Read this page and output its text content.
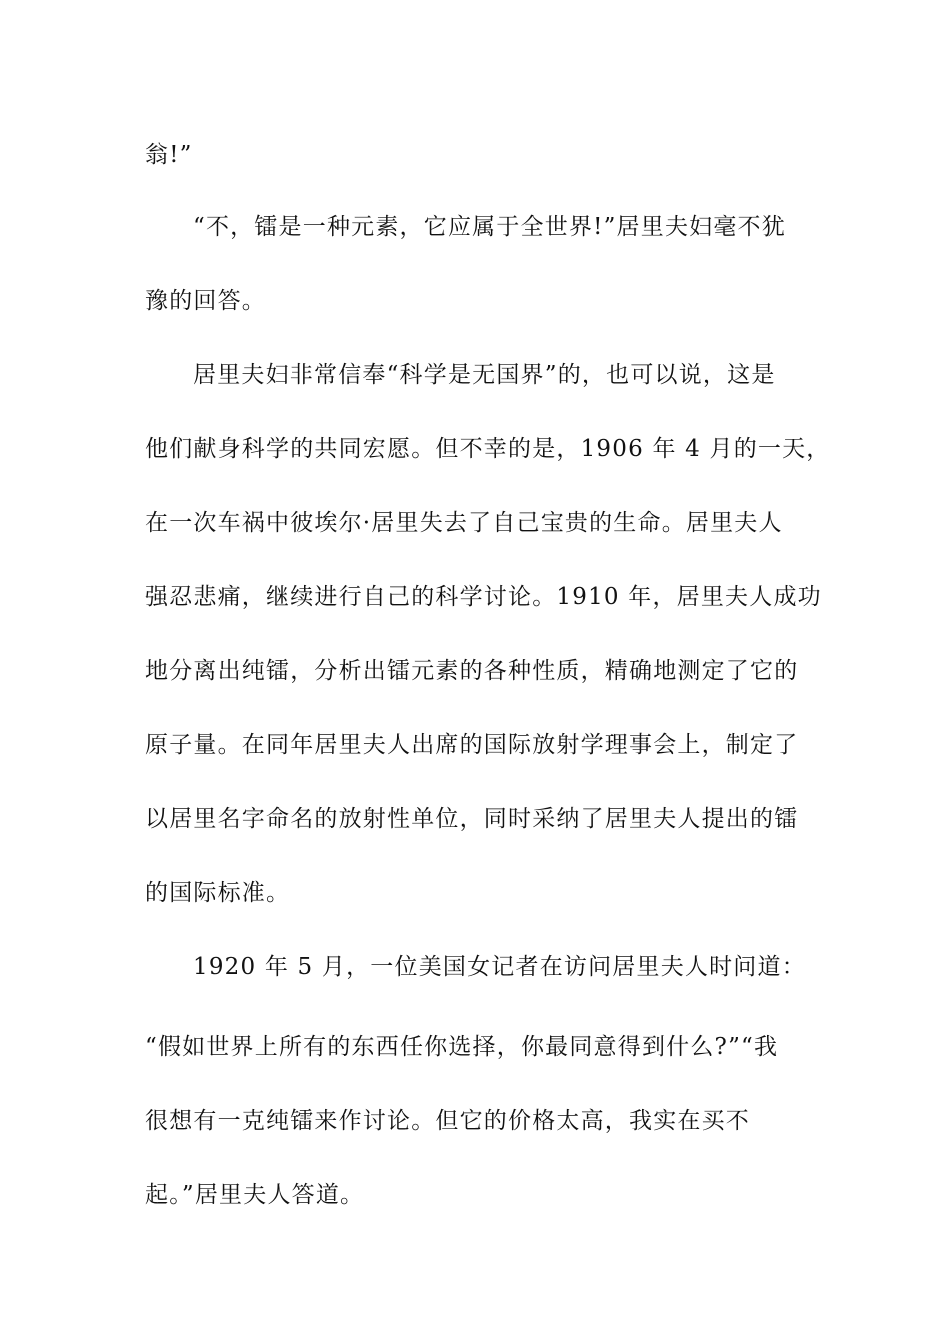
翁!”
“不，镭是一种元素，它应属于全世界!”居里夫妇毫不犹
豫的回答。
居里夫妇非常信奉“科学是无国界”的，也可以说，这是
他们献身科学的共同宏愿。但不幸的是，1906 年 4 月的一天，
在一次车祸中彼埃尔·居里失去了自己宝贵的生命。居里夫人
强忍悲痛，继续进行自己的科学讨论。1910 年，居里夫人成功
地分离出纯镭，分析出镭元素的各种性质，精确地测定了它的
原子量。在同年居里夫人出席的国际放射学理事会上，制定了
以居里名字命名的放射性单位，同时采纳了居里夫人提出的镭
的国际标准。
1920 年 5 月，一位美国女记者在访问居里夫人时问道：
“假如世界上所有的东西任你选择，你最同意得到什么?”“我
很想有一克纯镭来作讨论。但它的价格太高，我实在买不
起。”居里夫人答道。
